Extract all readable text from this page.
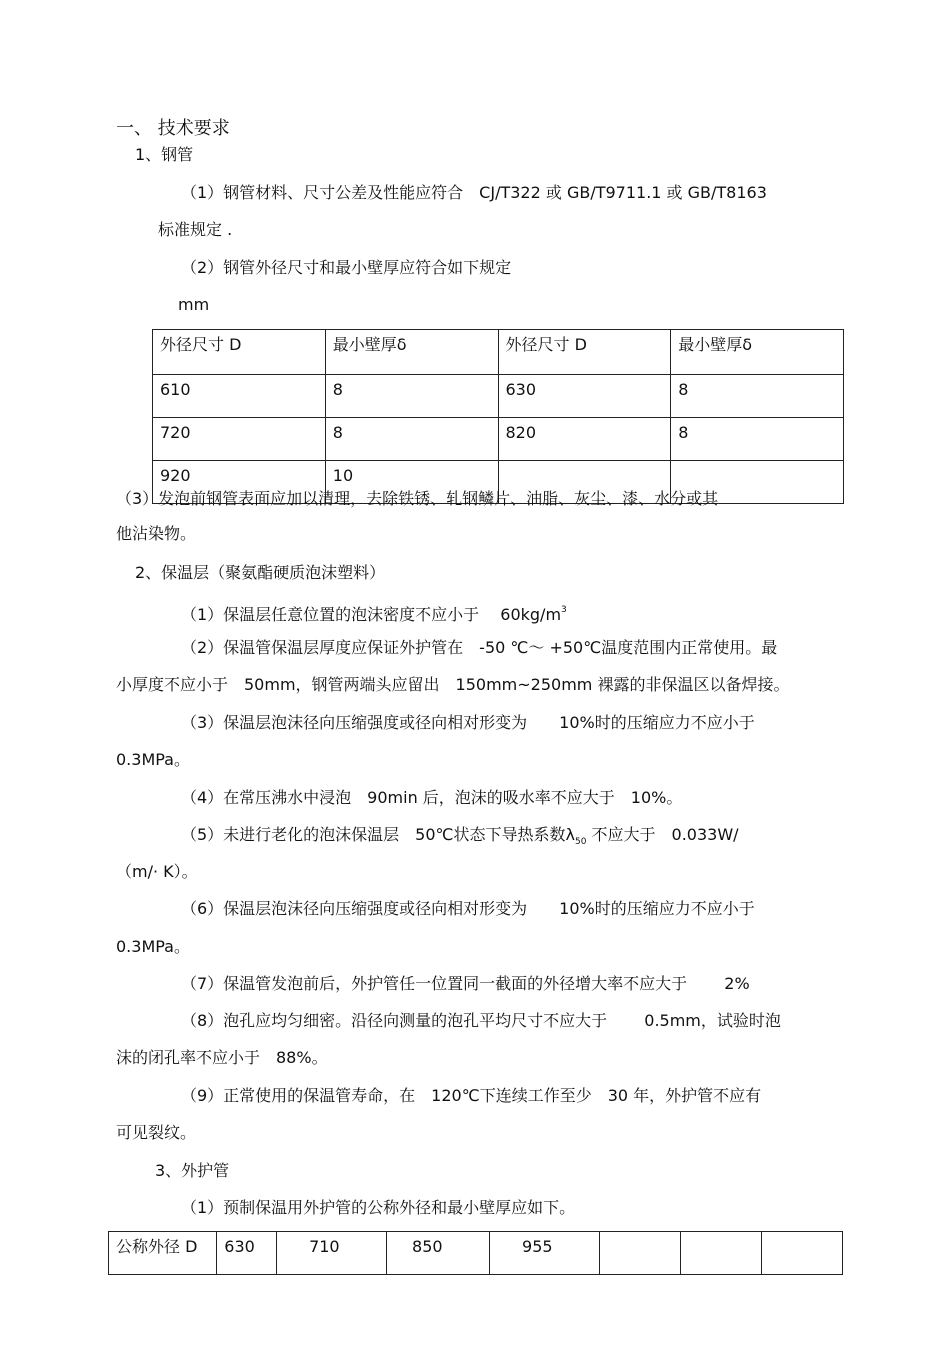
一、 技术要求
1、钢管
（1）钢管材料、尺寸公差及性能应符合　CJ/T322 或 GB/T9711.1 或 GB/T8163
标准规定 .
（2）钢管外径尺寸和最小壁厚应符合如下规定
mm
外径尺寸 D	最小壁厚δ	外径尺寸 D	最小壁厚δ
610	8	630	8
720	8	820	8
920	10		
（3）发泡前钢管表面应加以清理，去除铁锈、轧钢鳞片、油脂、灰尘、漆、水分或其
他沾染物。
2、保温层（聚氨酯硬质泡沫塑料）
（1）保温层任意位置的泡沫密度不应小于　 $60kg/m^3$
（2）保温管保温层厚度应保证外护管在　-50 ℃～ +50℃温度范围内正常使用。最
小厚度不应小于　50mm，钢管两端头应留出　150mm~250mm 裸露的非保温区以备焊接。
（3）保温层泡沫径向压缩强度或径向相对形变为　　10%时的压缩应力不应小于
0.3MPa。
（4）在常压沸水中浸泡　90min 后，泡沫的吸水率不应大于　10%。
（5）未进行老化的泡沫保温层　50℃状态下导热系数$\lambda_{50}$ 不应大于　0.033W/
（m/· K）。
（6）保温层泡沫径向压缩强度或径向相对形变为　　10%时的压缩应力不应小于
0.3MPa。
（7）保温管发泡前后，外护管任一位置同一截面的外径增大率不应大于　　 2%
（8）泡孔应均匀细密。沿径向测量的泡孔平均尺寸不应大于　　 0.5mm，试验时泡
沫的闭孔率不应小于　88%。
（9）正常使用的保温管寿命，在　120℃下连续工作至少　30 年，外护管不应有
可见裂纹。
3、外护管
（1）预制保温用外护管的公称外径和最小壁厚应如下。
公称外径 D	630	710	850	955			
